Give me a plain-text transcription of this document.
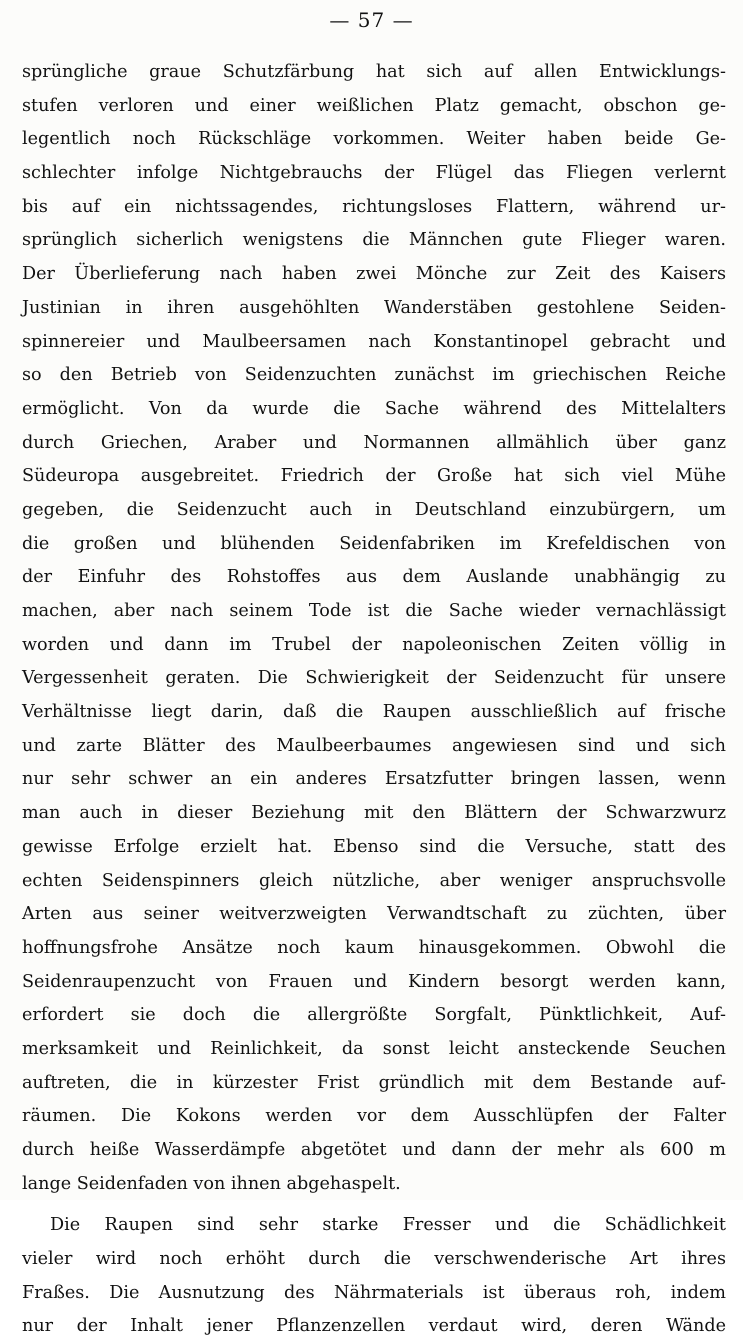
— 57 —
sprüngliche graue Schutzfärbung hat sich auf allen Entwicklungs-
stufen verloren und einer weißlichen Platz gemacht, obschon ge-
legentlich noch Rückschläge vorkommen. Weiter haben beide Ge-
schlechter infolge Nichtgebrauchs der Flügel das Fliegen verlernt
bis auf ein nichtssagendes, richtungsloses Flattern, während ur-
sprünglich sicherlich wenigstens die Männchen gute Flieger waren.
Der Überlieferung nach haben zwei Mönche zur Zeit des Kaisers
Justinian in ihren ausgehöhlten Wanderstäben gestohlene Seiden-
spinnereier und Maulbeersamen nach Konstantinopel gebracht und
so den Betrieb von Seidenzuchten zunächst im griechischen Reiche
ermöglicht. Von da wurde die Sache während des Mittelalters
durch Griechen, Araber und Normannen allmählich über ganz
Südeuropa ausgebreitet. Friedrich der Große hat sich viel Mühe
gegeben, die Seidenzucht auch in Deutschland einzubürgern, um
die großen und blühenden Seidenfabriken im Krefeldischen von
der Einfuhr des Rohstoffes aus dem Auslande unabhängig zu
machen, aber nach seinem Tode ist die Sache wieder vernachlässigt
worden und dann im Trubel der napoleonischen Zeiten völlig in
Vergessenheit geraten. Die Schwierigkeit der Seidenzucht für unsere
Verhältnisse liegt darin, daß die Raupen ausschließlich auf frische
und zarte Blätter des Maulbeerbaumes angewiesen sind und sich
nur sehr schwer an ein anderes Ersatzfutter bringen lassen, wenn
man auch in dieser Beziehung mit den Blättern der Schwarzwurz
gewisse Erfolge erzielt hat. Ebenso sind die Versuche, statt des
echten Seidenspinners gleich nützliche, aber weniger anspruchsvolle
Arten aus seiner weitverzweigten Verwandtschaft zu züchten, über
hoffnungsfrohe Ansätze noch kaum hinausgekommen. Obwohl die
Seidenraupenzucht von Frauen und Kindern besorgt werden kann,
erfordert sie doch die allergrößte Sorgfalt, Pünktlichkeit, Auf-
merksamkeit und Reinlichkeit, da sonst leicht ansteckende Seuchen
auftreten, die in kürzester Frist gründlich mit dem Bestande auf-
räumen. Die Kokons werden vor dem Ausschlüpfen der Falter
durch heiße Wasserdämpfe abgetötet und dann der mehr als 600 m
lange Seidenfaden von ihnen abgehaspelt.
Die Raupen sind sehr starke Fresser und die Schädlichkeit
vieler wird noch erhöht durch die verschwenderische Art ihres
Fraßes. Die Ausnutzung des Nährmaterials ist überaus roh, indem
nur der Inhalt jener Pflanzenzellen verdaut wird, deren Wände
